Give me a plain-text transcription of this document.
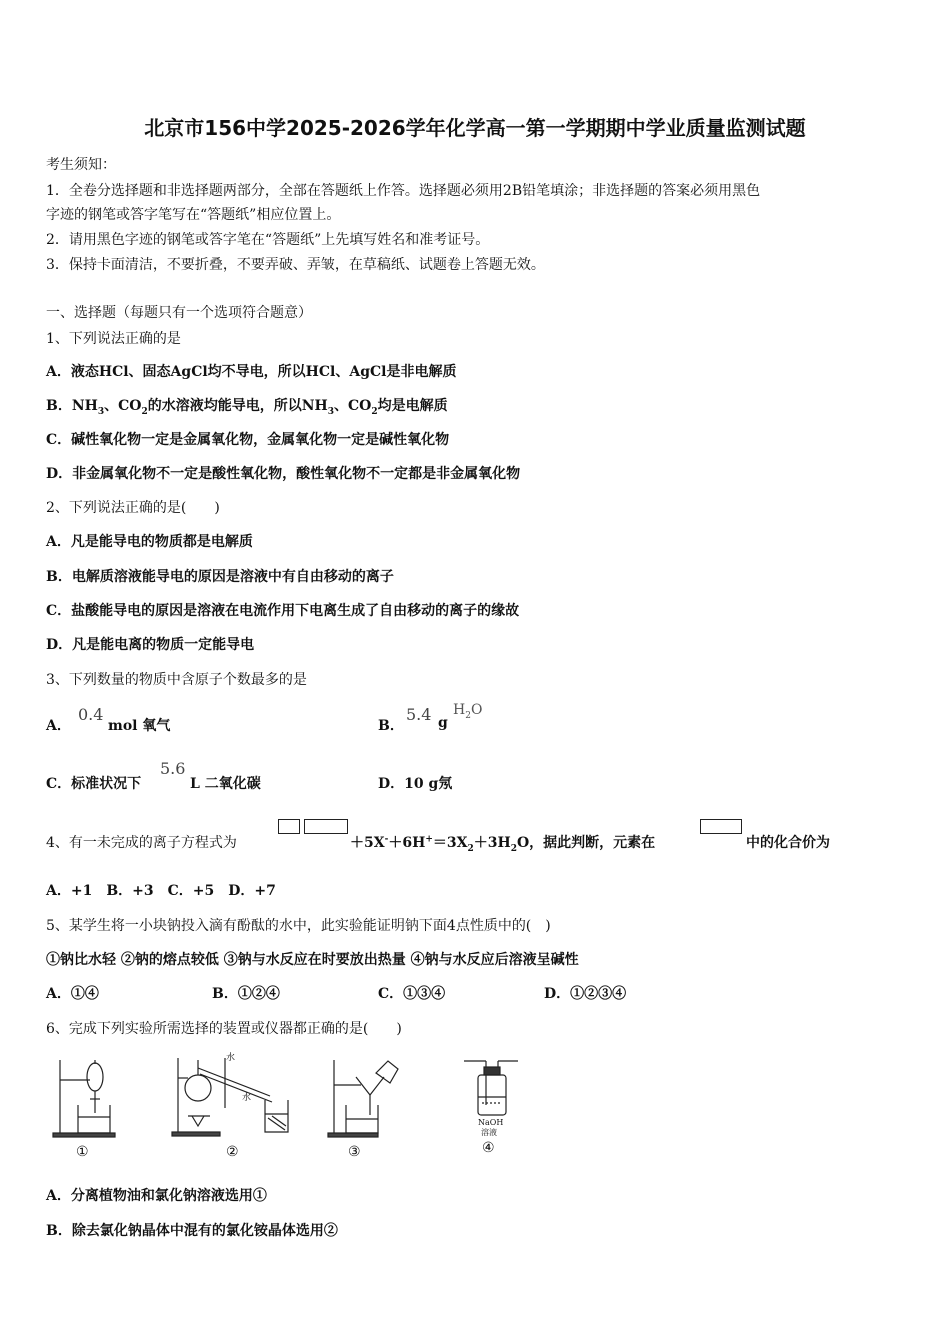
北京市156中学2025-2026学年化学高一第一学期期中学业质量监测试题
考生须知：
1．全卷分选择题和非选择题两部分，全部在答题纸上作答。选择题必须用2B铅笔填涂；非选择题的答案必须用黑色
字迹的钢笔或答字笔写在“答题纸”相应位置上。
2．请用黑色字迹的钢笔或答字笔在“答题纸”上先填写姓名和准考证号。
3．保持卡面清洁，不要折叠，不要弄破、弄皱，在草稿纸、试题卷上答题无效。
一、选择题（每题只有一个选项符合题意）
1、下列说法正确的是
A．液态HCl、固态AgCl均不导电，所以HCl、AgCl是非电解质
B．$NH_3$、$CO_2$的水溶液均能导电，所以$NH_3$、$CO_2$均是电解质
C．碱性氧化物一定是金属氧化物，金属氧化物一定是碱性氧化物
D．非金属氧化物不一定是酸性氧化物，酸性氧化物不一定都是非金属氧化物
2、下列说法正确的是(　　)
A．凡是能导电的物质都是电解质
B．电解质溶液能导电的原因是溶液中有自由移动的离子
C．盐酸能导电的原因是溶液在电流作用下电离生成了自由移动的离子的缘故
D．凡是能电离的物质一定能导电
3、下列数量的物质中含原子个数最多的是
A．
0.4
mol 氧气	B．
5.4 g
$H_2O$
C．标准状况下
5.6
L 二氧化碳	D．10 g氖
4、有一未完成的离子方程式为	$+5X^-+6H^+=3X_2+3H_2O$，据此判断，元素在	中的化合价为
A．+1　B．+3　C．+5　D．+7
5、某学生将一小块钠投入滴有酚酞的水中，此实验能证明钠下面4点性质中的(　)
①钠比水轻 ②钠的熔点较低 ③钠与水反应在时要放出热量 ④钠与水反应后溶液呈碱性
A．①④	B．①②④	C．①③④	D．①②③④
6、完成下列实验所需选择的装置或仪器都正确的是(　　)
①
水
水
②	③
NaOH
溶液
④
A．分离植物油和氯化钠溶液选用①
B．除去氯化钠晶体中混有的氯化铵晶体选用②
